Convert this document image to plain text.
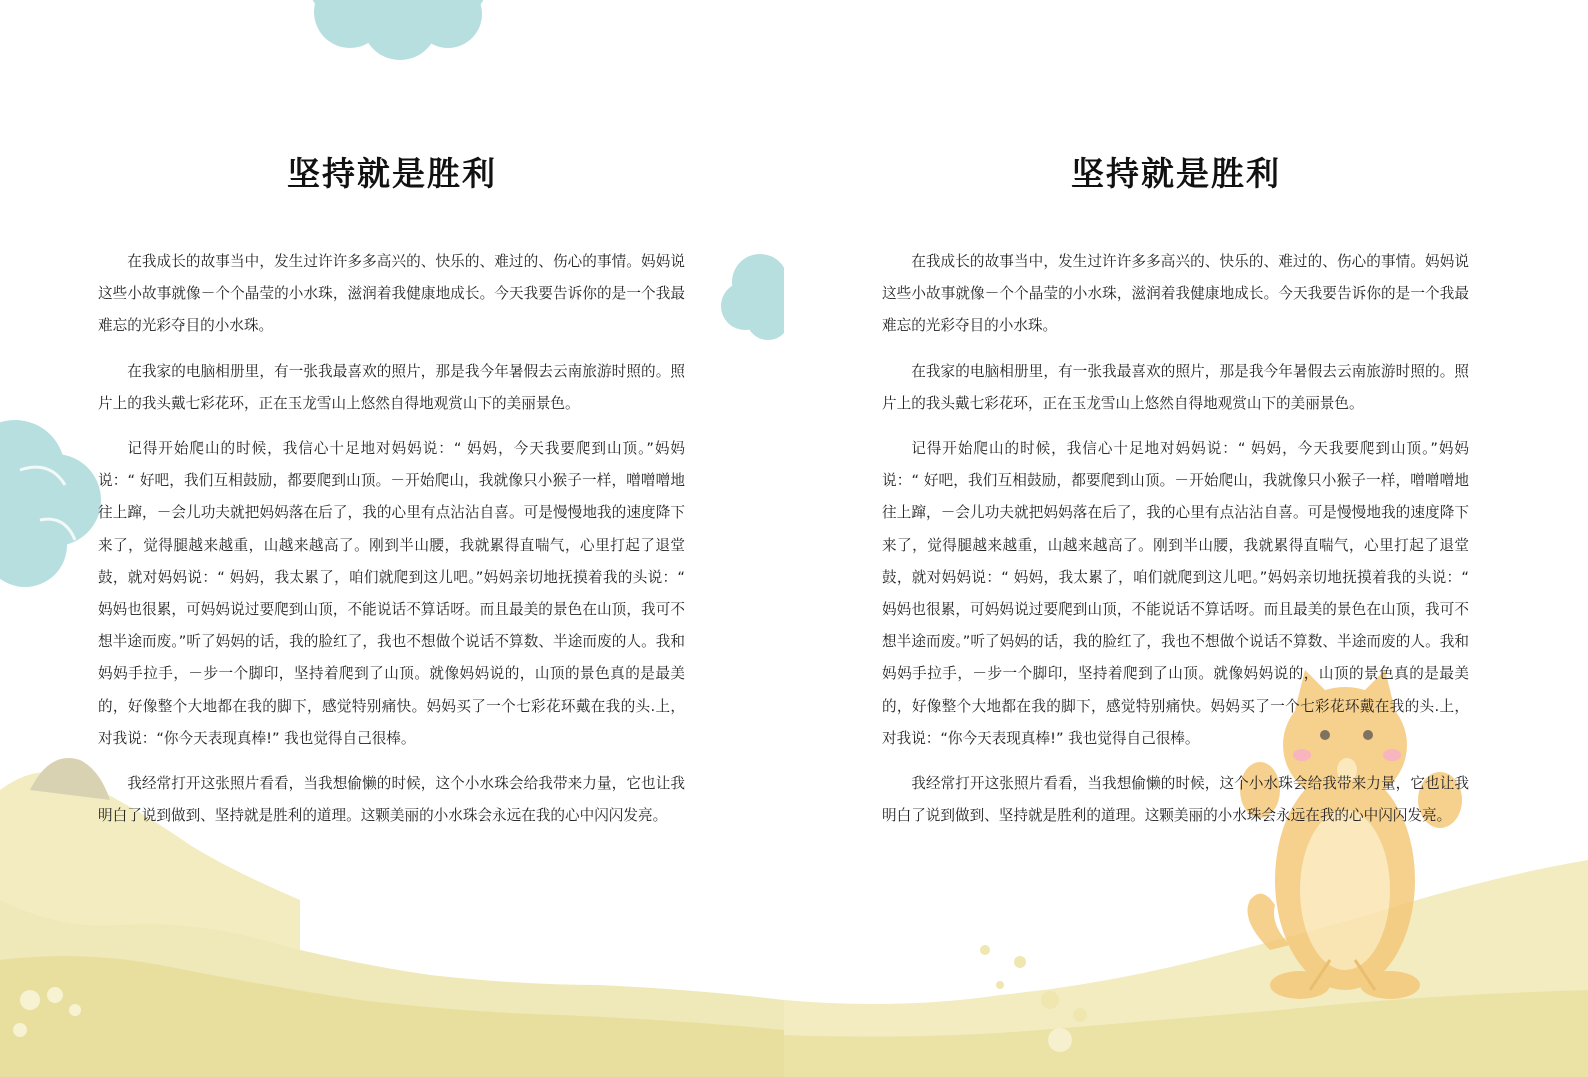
坚持就是胜利

在我成长的故事当中，发生过许许多多高兴的、快乐的、难过的、伤心的事情。妈妈说这些小故事就像－个个晶莹的小水珠，滋润着我健康地成长。今天我要告诉你的是一个我最难忘的光彩夺目的小水珠。

在我家的电脑相册里，有一张我最喜欢的照片，那是我今年暑假去云南旅游时照的。照片上的我头戴七彩花环，正在玉龙雪山上悠然自得地观赏山下的美丽景色。

记得开始爬山的时候，我信心十足地对妈妈说：“ 妈妈，今天我要爬到山顶。”妈妈说：“ 好吧，我们互相鼓励，都要爬到山顶。－开始爬山，我就像只小猴子一样，噌噌噌地往上蹿，－会儿功夫就把妈妈落在后了，我的心里有点沾沾自喜。可是慢慢地我的速度降下来了，觉得腿越来越重，山越来越高了。刚到半山腰，我就累得直喘气，心里打起了退堂鼓，就对妈妈说：“ 妈妈，我太累了，咱们就爬到这儿吧。”妈妈亲切地抚摸着我的头说：“ 妈妈也很累，可妈妈说过要爬到山顶，不能说话不算话呀。而且最美的景色在山顶，我可不想半途而废。”听了妈妈的话，我的脸红了，我也不想做个说话不算数、半途而废的人。我和妈妈手拉手，－步一个脚印，坚持着爬到了山顶。就像妈妈说的，山顶的景色真的是最美的，好像整个大地都在我的脚下，感觉特别痛快。妈妈买了一个七彩花环戴在我的头.上，对我说：“你今天表现真棒!” 我也觉得自己很棒。

我经常打开这张照片看看，当我想偷懒的时候，这个小水珠会给我带来力量，它也让我明白了说到做到、坚持就是胜利的道理。这颗美丽的小水珠会永远在我的心中闪闪发亮。

坚持就是胜利

在我成长的故事当中，发生过许许多多高兴的、快乐的、难过的、伤心的事情。妈妈说这些小故事就像－个个晶莹的小水珠，滋润着我健康地成长。今天我要告诉你的是一个我最难忘的光彩夺目的小水珠。

在我家的电脑相册里，有一张我最喜欢的照片，那是我今年暑假去云南旅游时照的。照片上的我头戴七彩花环，正在玉龙雪山上悠然自得地观赏山下的美丽景色。

记得开始爬山的时候，我信心十足地对妈妈说：“ 妈妈，今天我要爬到山顶。”妈妈说：“ 好吧，我们互相鼓励，都要爬到山顶。－开始爬山，我就像只小猴子一样，噌噌噌地往上蹿，－会儿功夫就把妈妈落在后了，我的心里有点沾沾自喜。可是慢慢地我的速度降下来了，觉得腿越来越重，山越来越高了。刚到半山腰，我就累得直喘气，心里打起了退堂鼓，就对妈妈说：“ 妈妈，我太累了，咱们就爬到这儿吧。”妈妈亲切地抚摸着我的头说：“ 妈妈也很累，可妈妈说过要爬到山顶，不能说话不算话呀。而且最美的景色在山顶，我可不想半途而废。”听了妈妈的话，我的脸红了，我也不想做个说话不算数、半途而废的人。我和妈妈手拉手，－步一个脚印，坚持着爬到了山顶。就像妈妈说的，山顶的景色真的是最美的，好像整个大地都在我的脚下，感觉特别痛快。妈妈买了一个七彩花环戴在我的头.上，对我说：“你今天表现真棒!” 我也觉得自己很棒。

我经常打开这张照片看看，当我想偷懒的时候，这个小水珠会给我带来力量，它也让我明白了说到做到、坚持就是胜利的道理。这颗美丽的小水珠会永远在我的心中闪闪发亮。
